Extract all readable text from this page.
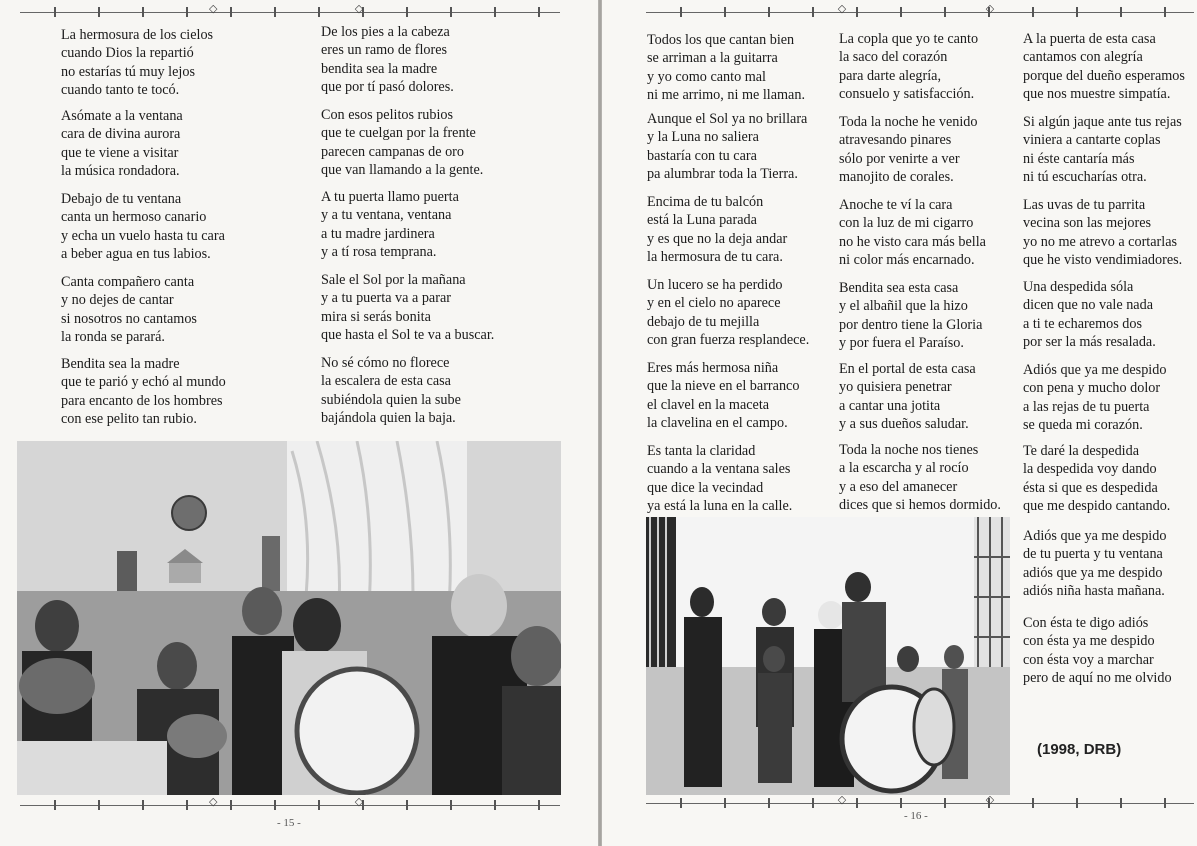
◇ ◇
La hermosura de los cielos
cuando Dios la repartió
no estarías tú muy lejos
cuando tanto te tocó.
Asómate a la ventana
cara de divina aurora
que te viene a visitar
la música rondadora.
Debajo de tu ventana
canta un hermoso canario
y echa un vuelo hasta tu cara
a beber agua en tus labios.
Canta compañero canta
y no dejes de cantar
si nosotros no cantamos
la ronda se parará.
Bendita sea la madre
que te parió y echó al mundo
para encanto de los hombres
con ese pelito tan rubio.
De los pies a la cabeza
eres un ramo de flores
bendita sea la madre
que por tí pasó dolores.
Con esos pelitos rubios
que te cuelgan por la frente
parecen campanas de oro
que van llamando a la gente.
A tu puerta llamo puerta
y a tu ventana, ventana
a tu madre jardinera
y a tí rosa temprana.
Sale el Sol por la mañana
y a tu puerta va a parar
mira si serás bonita
que hasta el Sol te va a buscar.
No sé cómo no florece
la escalera de esta casa
subiéndola quien la sube
bajándola quien la baja.
◇ ◇
- 15 -
◇ ◇
Todos los que cantan bien
se arriman a la guitarra
y yo como canto mal
ni me arrimo, ni me llaman.
Aunque el Sol ya no brillara
y la Luna no saliera
bastaría con tu cara
pa alumbrar toda la Tierra.
Encima de tu balcón
está la Luna parada
y es que no la deja andar
la hermosura de tu cara.
Un lucero se ha perdido
y en el cielo no aparece
debajo de tu mejilla
con gran fuerza resplandece.
Eres más hermosa niña
que la nieve en el barranco
el clavel en la maceta
la clavelina en el campo.
Es tanta la claridad
cuando a la ventana sales
que dice la vecindad
ya está la luna en la calle.
La copla que yo te canto
la saco del corazón
para darte alegría,
consuelo y satisfacción.
Toda la noche he venido
atravesando pinares
sólo por venirte a ver
manojito de corales.
Anoche te ví la cara
con la luz de mi cigarro
no he visto cara más bella
ni color más encarnado.
Bendita sea esta casa
y el albañil que la hizo
por dentro tiene la Gloria
y por fuera el Paraíso.
En el portal de esta casa
yo quisiera penetrar
a cantar una jotita
y a sus dueños saludar.
Toda la noche nos tienes
a la escarcha y al rocío
y a eso del amanecer
dices que si hemos dormido.
A la puerta de esta casa
cantamos con alegría
porque del dueño esperamos
que nos muestre simpatía.
Si algún jaque ante tus rejas
viniera a cantarte coplas
ni éste cantaría más
ni tú escucharías otra.
Las uvas de tu parrita
vecina son las mejores
yo no me atrevo a cortarlas
que he visto vendimiadores.
Una despedida sóla
dicen que no vale nada
a ti te echaremos dos
por ser la más resalada.
Adiós que ya me despido
con pena y mucho dolor
a las rejas de tu puerta
se queda mi corazón.
Te daré la despedida
la despedida voy dando
ésta si que es despedida
que me despido cantando.
Adiós que ya me despido
de tu puerta y tu ventana
adiós que ya me despido
adiós niña hasta mañana.
Con ésta te digo adiós
con ésta ya me despido
con ésta voy a marchar
pero de aquí no me olvido
(1998, DRB)
◇ ◇
- 16 -
